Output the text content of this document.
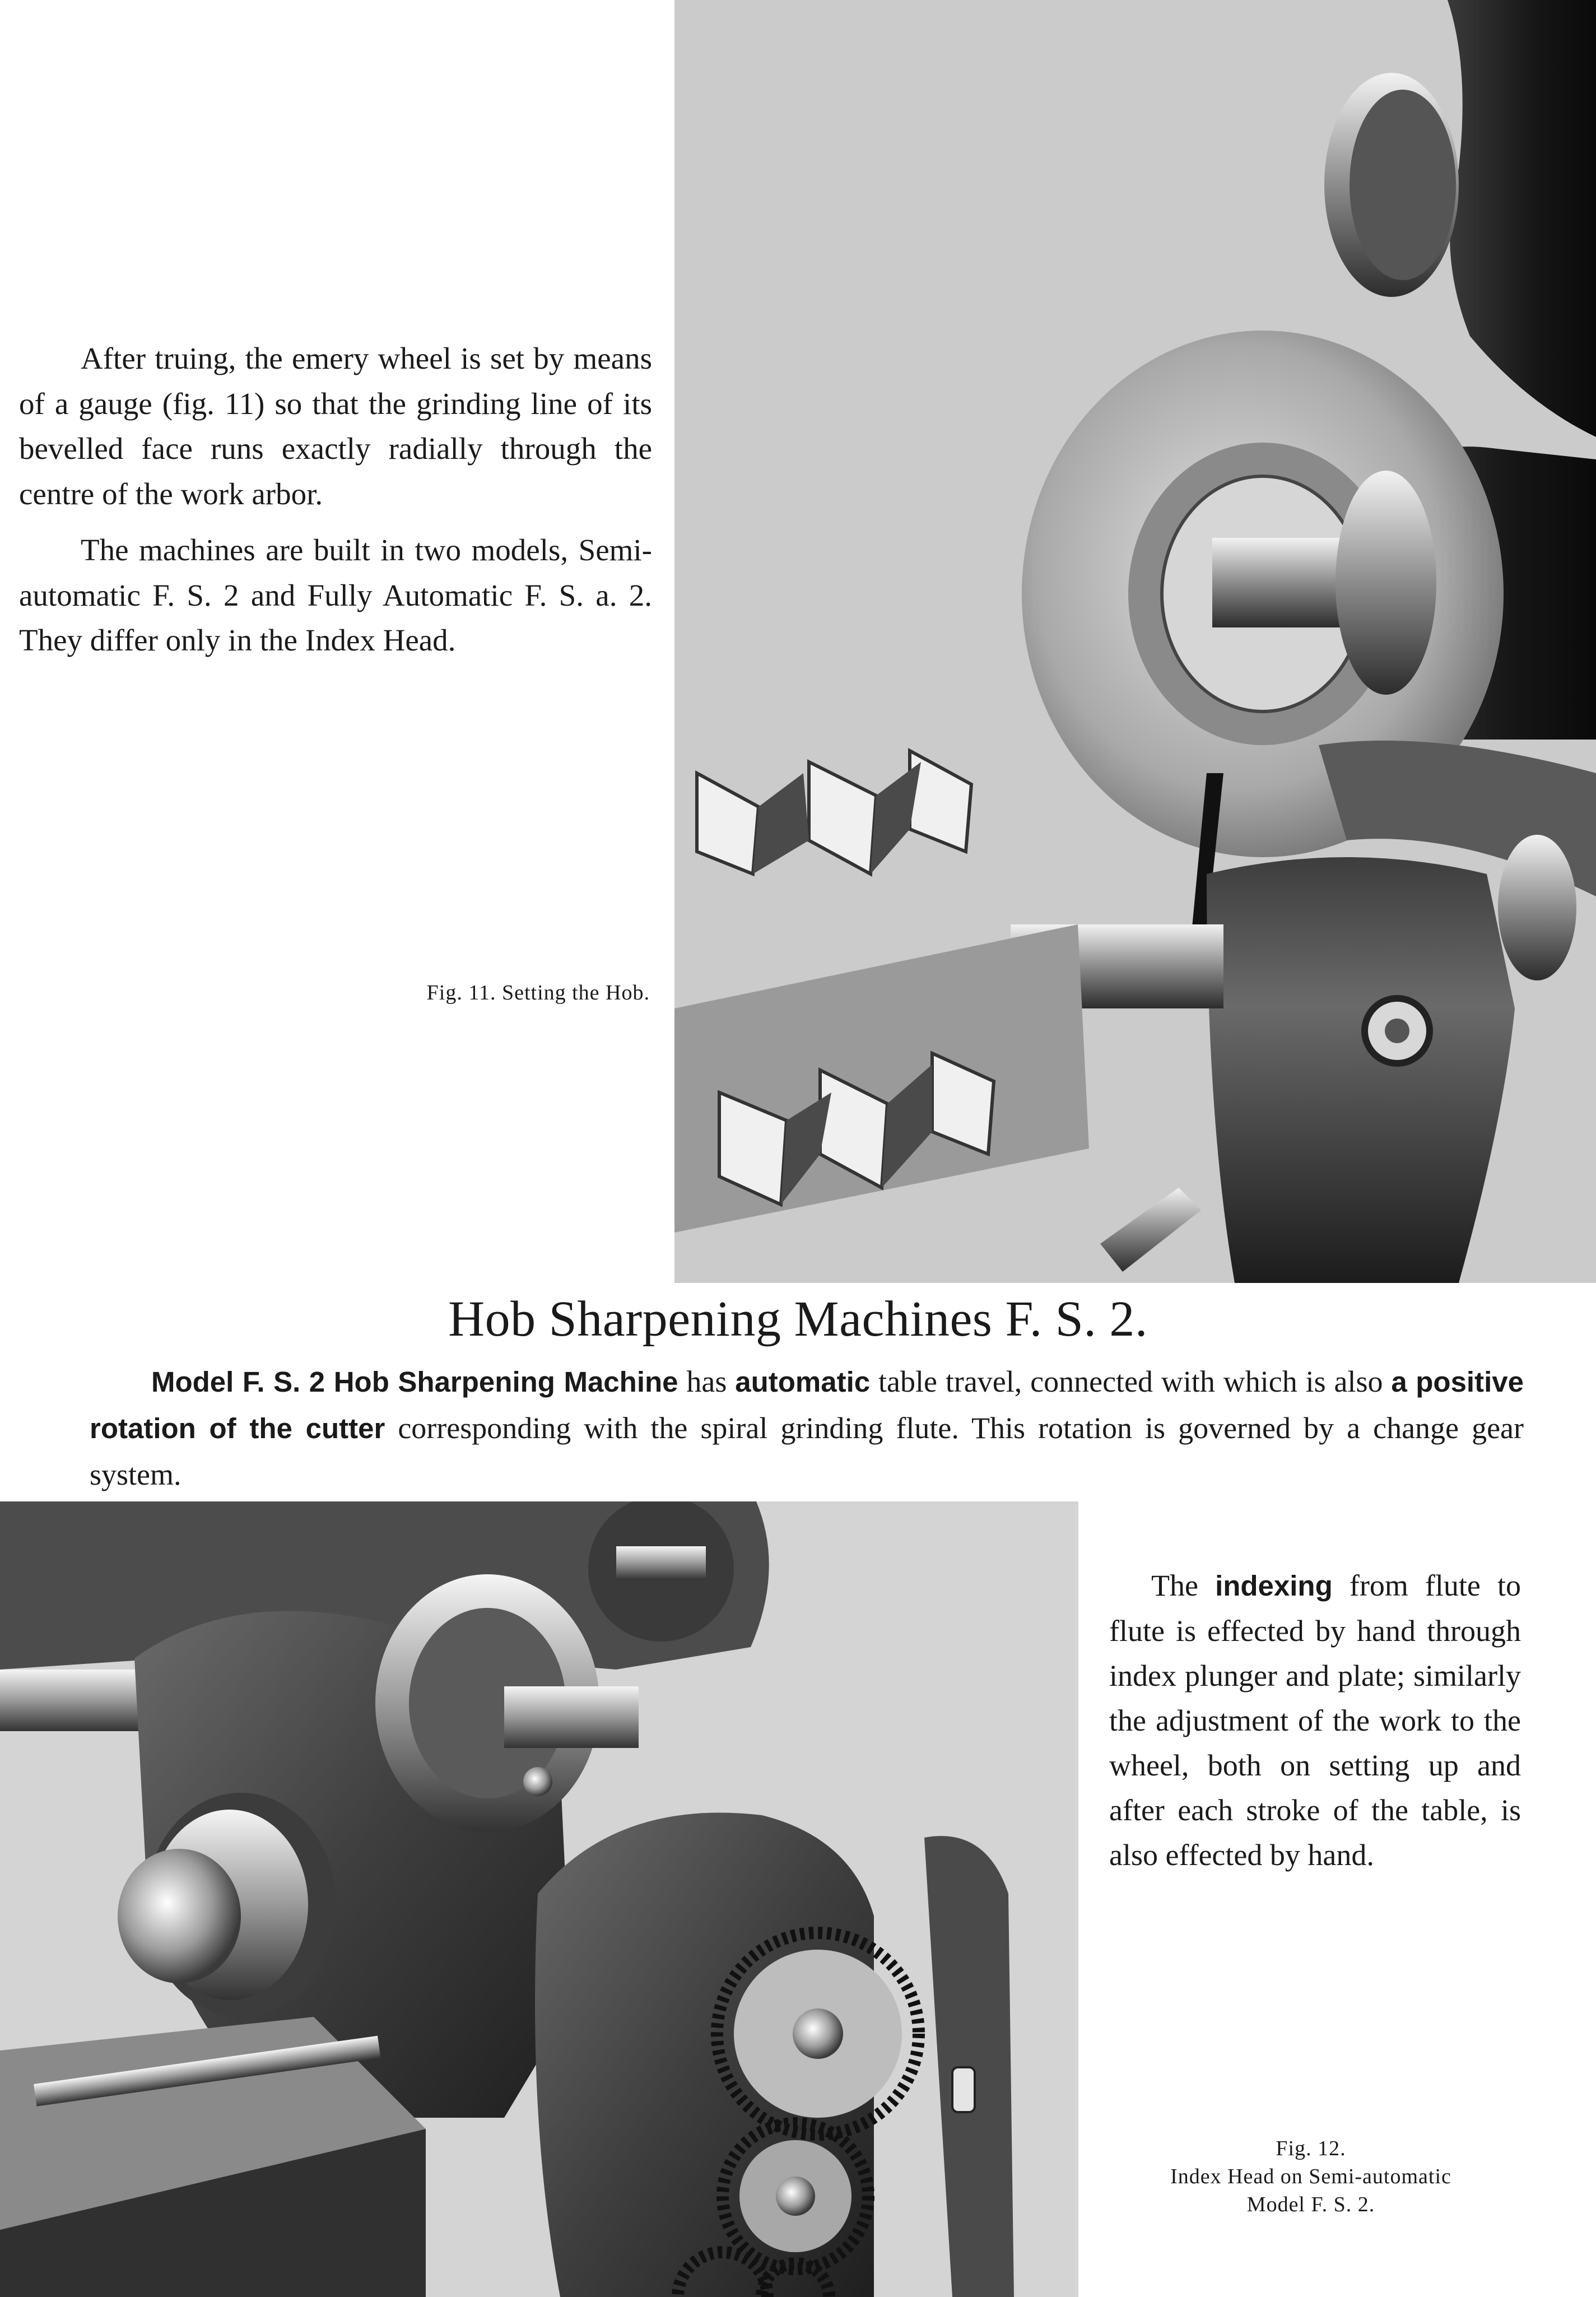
After truing, the emery wheel is set by means of a gauge (fig. 11) so that the grinding line of its bevelled face runs exactly radially through the centre of the work arbor.

The machines are built in two models, Semi-automatic F. S. 2 and Fully Automatic F. S. a. 2. They differ only in the Index Head.

Fig. 11. Setting the Hob.
Hob Sharpening Machines F. S. 2.
Model F. S. 2 Hob Sharpening Machine has automatic table travel, connected with which is also a positive rotation of the cutter corresponding with the spiral grinding flute. This rotation is governed by a change gear system.

The indexing from flute to flute is effected by hand through index plunger and plate; similarly the adjustment of the work to the wheel, both on setting up and after each stroke of the table, is also effected by hand.

Fig. 12.
Index Head on Semi-automatic
Model F. S. 2.
